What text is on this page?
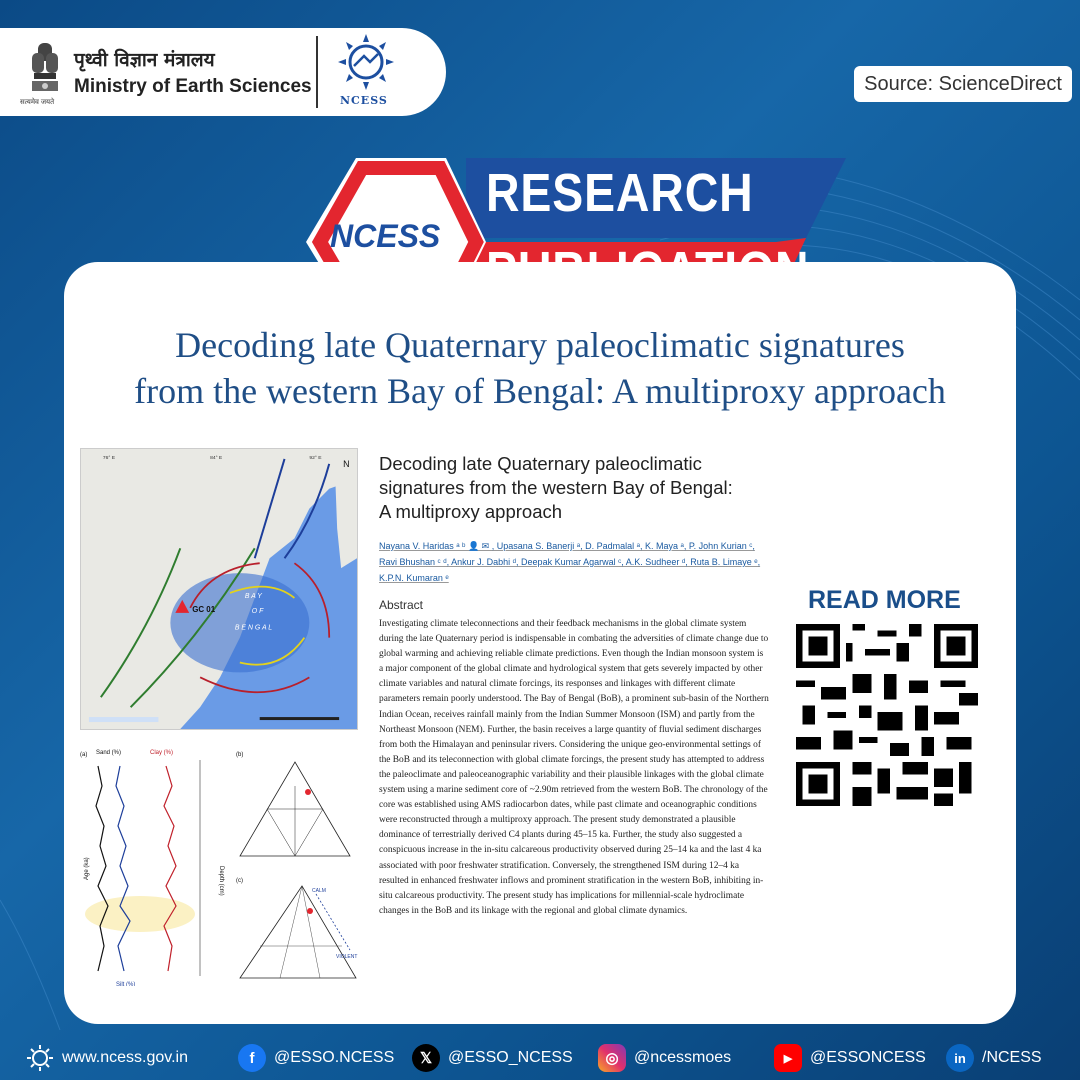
सत्यमेव जयते
पृथ्वी विज्ञान मंत्रालय
Ministry of Earth Sciences
NCESS
Source: ScienceDirect
NCESS
RESEARCH
Decoding late Quaternary paleoclimatic signatures
from the western Bay of Bengal: A multiproxy approach
GC 01
B A Y
O F
B E N G A L
76° E	84° E	92° E
N
(a) Sand (%)	Clay (%)
Silt (%)
Age (ka)	Depth (cm)
(b)
(c)
CALM
VIOLENT
Decoding late Quaternary paleoclimatic
signatures from the western Bay of Bengal:
A multiproxy approach
Nayana V. Haridas ᵃ ᵇ 👤 ✉ , Upasana S. Banerji ᵃ, D. Padmalal ᵃ, K. Maya ᵃ, P. John Kurian ᶜ,
Ravi Bhushan ᶜ ᵈ, Ankur J. Dabhi ᵈ, Deepak Kumar Agarwal ᶜ, A.K. Sudheer ᵈ, Ruta B. Limaye ᵉ,
K.P.N. Kumaran ᵉ
Abstract
Investigating climate teleconnections and their feedback mechanisms in the global climate system during the late Quaternary period is indispensable in combating the adversities of climate change due to global warming and achieving reliable climate predictions. Even though the Indian monsoon system is a major component of the global climate and hydrological system that gets severely impacted by other climate variables and natural climate forcings, its responses and linkages with different climate parameters remain poorly understood. The Bay of Bengal (BoB), a prominent sub-basin of the Northern Indian Ocean, receives rainfall mainly from the Indian Summer Monsoon (ISM) and partly from the Northeast Monsoon (NEM). Further, the basin receives a large quantity of fluvial sediment discharges from both the Himalayan and peninsular rivers. Considering the unique geo-environmental settings of the BoB and its teleconnection with global climate forcings, the present study has attempted to address the paleoclimate and paleoceanographic variability and their plausible linkages with the global climate system using a marine sediment core of ~2.90m retrieved from the western BoB. The chronology of the core was established using AMS radiocarbon dates, while past climate and oceanographic conditions were reconstructed through a multiproxy approach. The present study demonstrated a plausible dominance of terrestrially derived C4 plants during 45–15 ka. Further, the study also suggested a conspicuous increase in the in-situ calcareous productivity observed during 25–14 ka and the last 4 ka associated with poor freshwater stratification. Conversely, the strengthened ISM during 12–4 ka resulted in enhanced freshwater inflows and prominent stratification in the western BoB, inhibiting in-situ calcareous productivity. The present study has implications for millennial-scale hydroclimate changes in the BoB and its linkage with the regional and global climate dynamics.
READ MORE
www.ncess.gov.in	f	@ESSO.NCESS	𝕏 @ESSO_NCESS	◎ @ncessmoes	▶	@ESSONCESS	in	/NCESS
